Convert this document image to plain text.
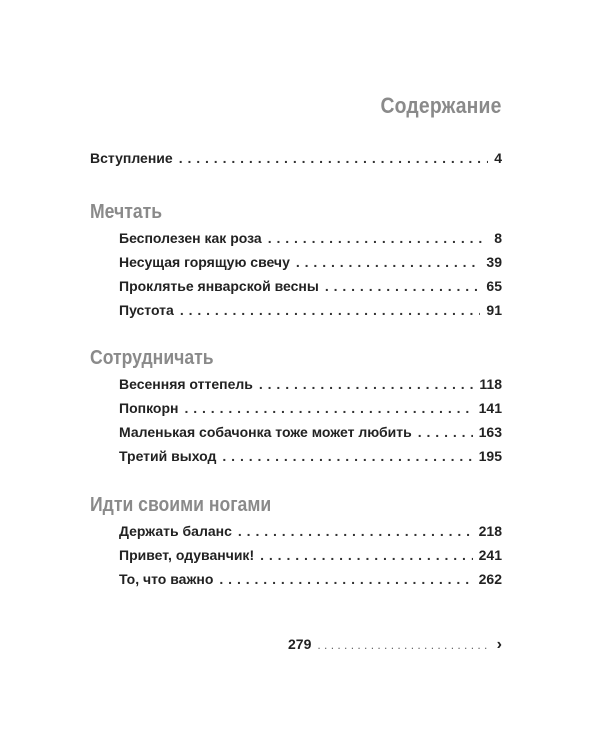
Содержание
Вступление . . .	4
Мечтать
Бесполезен как роза . . .	8
Несущая горящую свечу . . .	39
Проклятье январской весны . . .	65
Пустота . . .	91
Сотрудничать
Весенняя оттепель . . .	118
Попкорн . . .	141
Маленькая собачонка тоже может любить . . .	163
Третий выход . . .	195
Идти своими ногами
Держать баланс . . .	218
Привет, одуванчик! . . .	241
То, что важно . . .	262
279 . . .	›
